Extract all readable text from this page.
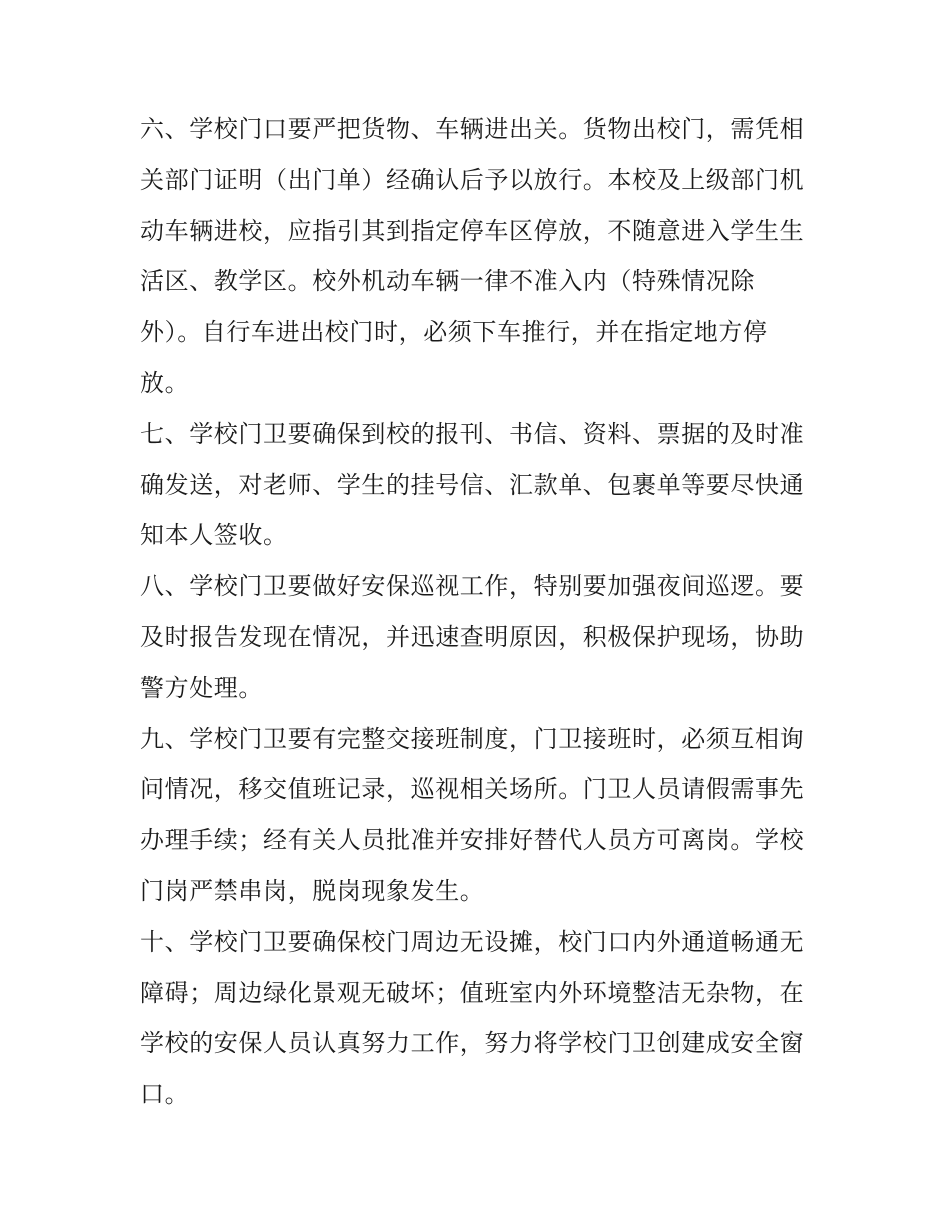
六、学校门口要严把货物、车辆进出关。货物出校门，需凭相
关部门证明（出门单）经确认后予以放行。本校及上级部门机
动车辆进校，应指引其到指定停车区停放，不随意进入学生生
活区、教学区。校外机动车辆一律不准入内（特殊情况除
外）。自行车进出校门时，必须下车推行，并在指定地方停
放。
七、学校门卫要确保到校的报刊、书信、资料、票据的及时准
确发送，对老师、学生的挂号信、汇款单、包裹单等要尽快通
知本人签收。
八、学校门卫要做好安保巡视工作，特别要加强夜间巡逻。要
及时报告发现在情况，并迅速查明原因，积极保护现场，协助
警方处理。
九、学校门卫要有完整交接班制度，门卫接班时，必须互相询
问情况，移交值班记录，巡视相关场所。门卫人员请假需事先
办理手续；经有关人员批准并安排好替代人员方可离岗。学校
门岗严禁串岗，脱岗现象发生。
十、学校门卫要确保校门周边无设摊，校门口内外通道畅通无
障碍；周边绿化景观无破坏；值班室内外环境整洁无杂物，在
学校的安保人员认真努力工作，努力将学校门卫创建成安全窗
口。
